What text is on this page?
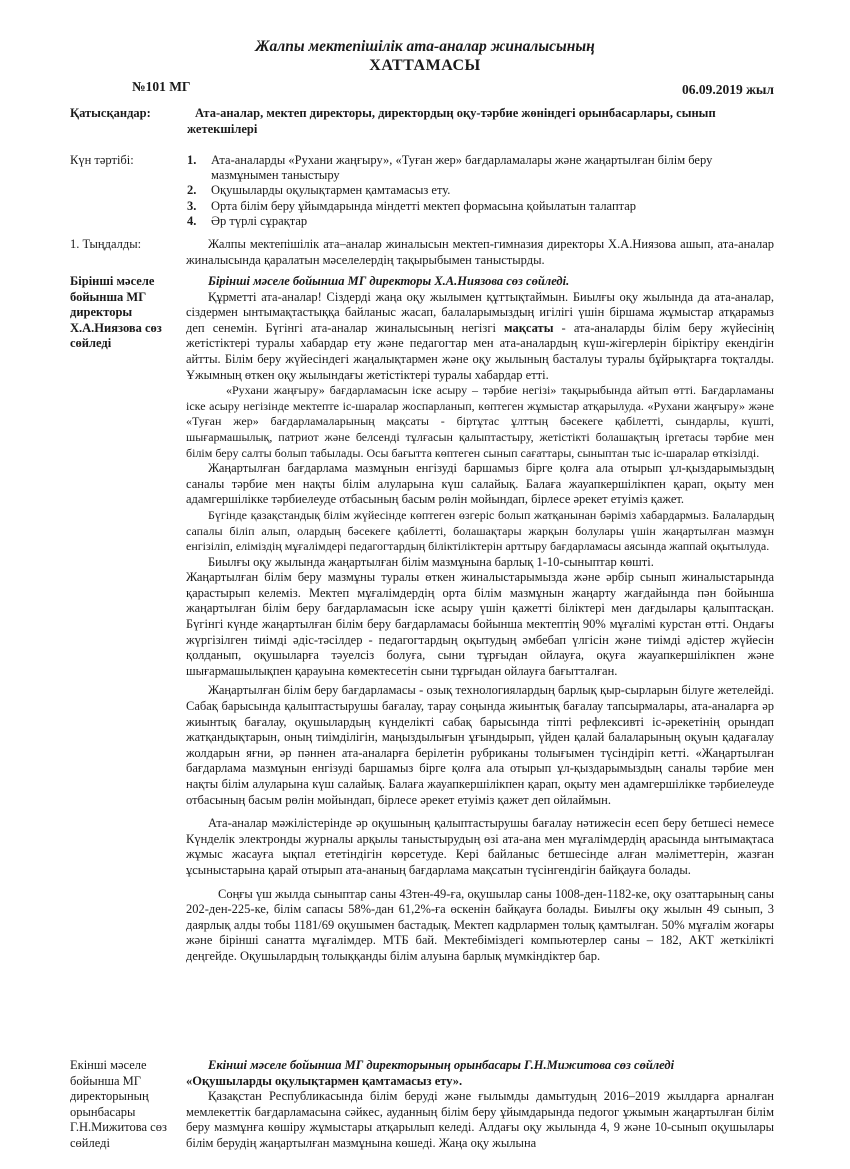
Жалпы мектепішілік ата-аналар жиналысының
ХАТТАМАСЫ
№101 МГ	06.09.2019 жыл
Қатысқандар:	Ата-аналар, мектеп директоры, директордың оқу-тәрбие жөніндегі орынбасарлары, сынып жетекшілері
Күн тәртібі:	1.	Ата-аналарды «Рухани жаңғыру», «Туған жер» бағдарламалары және жаңартылған білім беру мазмұнымен таныстыру
2.	Оқушыларды оқулықтармен қамтамасыз ету.
3.	Орта білім беру ұйымдарында міндетті мектеп формасына қойылатын талаптар
4.	Әр түрлі сұрақтар
1. Тыңдалды:	Жалпы мектепішілік ата–аналар жиналысын мектеп-гимназия директоры Х.А.Ниязова ашып, ата-аналар жиналысында қаралатын мәселелердің тақырыбымен таныстырды.

Бірінші мәселе бойынша МГ директоры Х.А.Ниязова сөз сөйледі

Бірінші мәселе бойынша МГ директоры Х.А.Ниязова сөз сөйледі.

Құрметті ата-аналар! Сіздерді жаңа оқу жылымен құттықтаймын. Биылғы оқу жылында да ата-аналар, сіздермен ынтымақтастыққа байланыс жасап, балаларымыздың игілігі үшін біршама жұмыстар атқарамыз деп сенемін. Бүгінгі ата-аналар жиналысының негізгі мақсаты - ата-аналарды білім беру жүйесінің жетістіктері туралы хабардар ету және педагогтар мен ата-аналардың күш-жігерлерін біріктіру екендігін айтты. Білім беру жүйесіндегі жаңалықтармен және оқу жылының басталуы туралы бұйрықтарға тоқталды. Ұжымның өткен оқу жылындағы жетістіктері туралы хабардар етті.

«Рухани жаңғыру» бағдарламасын іске асыру – тәрбие негізі» тақырыбында айтып өтті. Бағдарламаны іске асыру негізінде мектепте іс-шаралар жоспарланып, көптеген жұмыстар атқарылуда. «Рухани жаңғыру» және «Туған жер» бағдарламаларының мақсаты - біртұтас ұлттың бәсекеге қабілетті, сындарлы, күшті, шығармашылық, патриот және белсенді тұлғасын қалыптастыру, жетістікті болашақтың іргетасы тәрбие мен білім беру салты болып табылады. Осы бағытта көптеген сынып сағаттары, сыныптан тыс іс-шаралар өткізілді.

Жаңартылған бағдарлама мазмұнын енгізуді баршамыз бірге қолға ала отырып ұл-қыздарымыздың саналы тәрбие мен нақты білім алуларына күш салайық. Балаға жауапкершілікпен қарап, оқыту мен адамгершілікке тәрбиелеуде отбасының басым рөлін мойындап, бірлесе әрекет етуіміз қажет.

Бүгінде қазақстандық білім жүйесінде көптеген өзгеріс болып жатқанынан бәріміз хабардармыз. Балалардың сапалы біліп алып, олардың бәсекеге қабілетті, болашақтары жарқын болулары үшін жаңартылған мазмұн енгізіліп, еліміздің мұғалімдері педагогтардың біліктіліктерін арттыру бағдарламасы аясында жаппай оқытылуда.

Биылғы оқу жылында жаңартылған білім мазмұнына барлық 1-10-сыныптар көшті.

Жаңартылған білім беру мазмұны туралы өткен жиналыстарымызда және әрбір сынып жиналыстарында қарастырып келеміз. Мектеп мұғалімдердің орта білім мазмұнын жаңарту жағдайында пән бойынша жаңартылған білім беру бағдарламасын іске асыру үшін қажетті біліктері мен дағдылары қалыптасқан. Бүгінгі күнде жаңартылған білім беру бағдарламасы бойынша мектептің 90% мұғалімі курстан өтті. Ондағы жүргізілген тиімді әдіс-тәсілдер - педагогтардың оқытудың әмбебап үлгісін және тиімді әдістер жүйесін қолданып, оқушыларға тәуелсіз болуға, сыни тұрғыдан ойлауға, оқуға жауапкершілікпен және шығармашылықпен қарауына көмектесетін сыни тұрғыдан ойлауға бағытталған.

Жаңартылған білім беру бағдарламасы - озық технологиялардың барлық қыр-сырларын білуге жетелейді. Сабақ барысында қалыптастырушы бағалау, тарау соңында жиынтық бағалау тапсырмалары, ата-аналарға әр жиынтық бағалау, оқушылардың күнделікті сабақ барысында тіпті рефлексивті іс-әрекетінің орындап жатқандықтарын, оның тиімділігін, маңыздылығын ұғындырып, үйден қалай балаларының оқуын қадағалау жолдарын яғни, әр пәннен ата-аналарға берілетін рубриканы толығымен түсіндіріп кетті. «Жаңартылған бағдарлама мазмұнын енгізуді баршамыз бірге қолға ала отырып ұл-қыздарымыздың саналы тәрбие мен нақты білім алуларына күш салайық. Балаға жауапкершілікпен қарап, оқыту мен адамгершілікке тәрбиелеуде отбасының басым рөлін мойындап, бірлесе әрекет етуіміз қажет деп ойлаймын.

Ата-аналар мәжілістерінде әр оқушының қалыптастырушы бағалау нәтижесін есеп беру бетшесі немесе Күнделік электронды журналы арқылы таныстырудың өзі ата-ана мен мұғалімдердің арасында ынтымақтаса жұмыс жасауға ықпал ететіндігін көрсетуде. Кері байланыс бетшесінде алған мәліметтерін, жазған ұсыныстарына қарай отырып ата-ананың бағдарлама мақсатын түсінгендігін байқауға болады.

Соңғы үш жылда сыныптар саны 43тен-49-ға, оқушылар саны 1008-ден-1182-ке, оқу озаттарының саны 202-ден-225-ке, білім сапасы 58%-дан 61,2%-ға өскенін байқауға болады. Биылғы оқу жылын 49 сынып, 3 даярлық алды тобы 1181/69 оқушымен бастадық. Мектеп кадрлармен толық қамтылған. 50% мұғалім жоғары және бірінші санатта мұғалімдер. МТБ бай. Мектебіміздегі компьютерлер саны – 182, АКТ жеткілікті деңгейде. Оқушылардың толыққанды білім алуына барлық мүмкіндіктер бар.

Екінші мәселе бойынша МГ директорының орынбасары Г.Н.Мижитова сөз сөйледі

Екінші мәселе бойынша МГ директорының орынбасары Г.Н.Мижитова сөз сөйледі

«Оқушыларды оқулықтармен қамтамасыз ету».

Қазақстан Республикасында білім беруді және ғылымды дамытудың 2016–2019 жылдарға арналған мемлекеттік бағдарламасына сәйкес, ауданның білім беру ұйымдарында педогог ұжымын жаңартылған білім беру мазмұнға көшіру жұмыстары атқарылып келеді. Алдағы оқу жылында 4, 9 және 10-сынып оқушылары білім берудің жаңартылған мазмұнына көшеді. Жаңа оқу жылына
